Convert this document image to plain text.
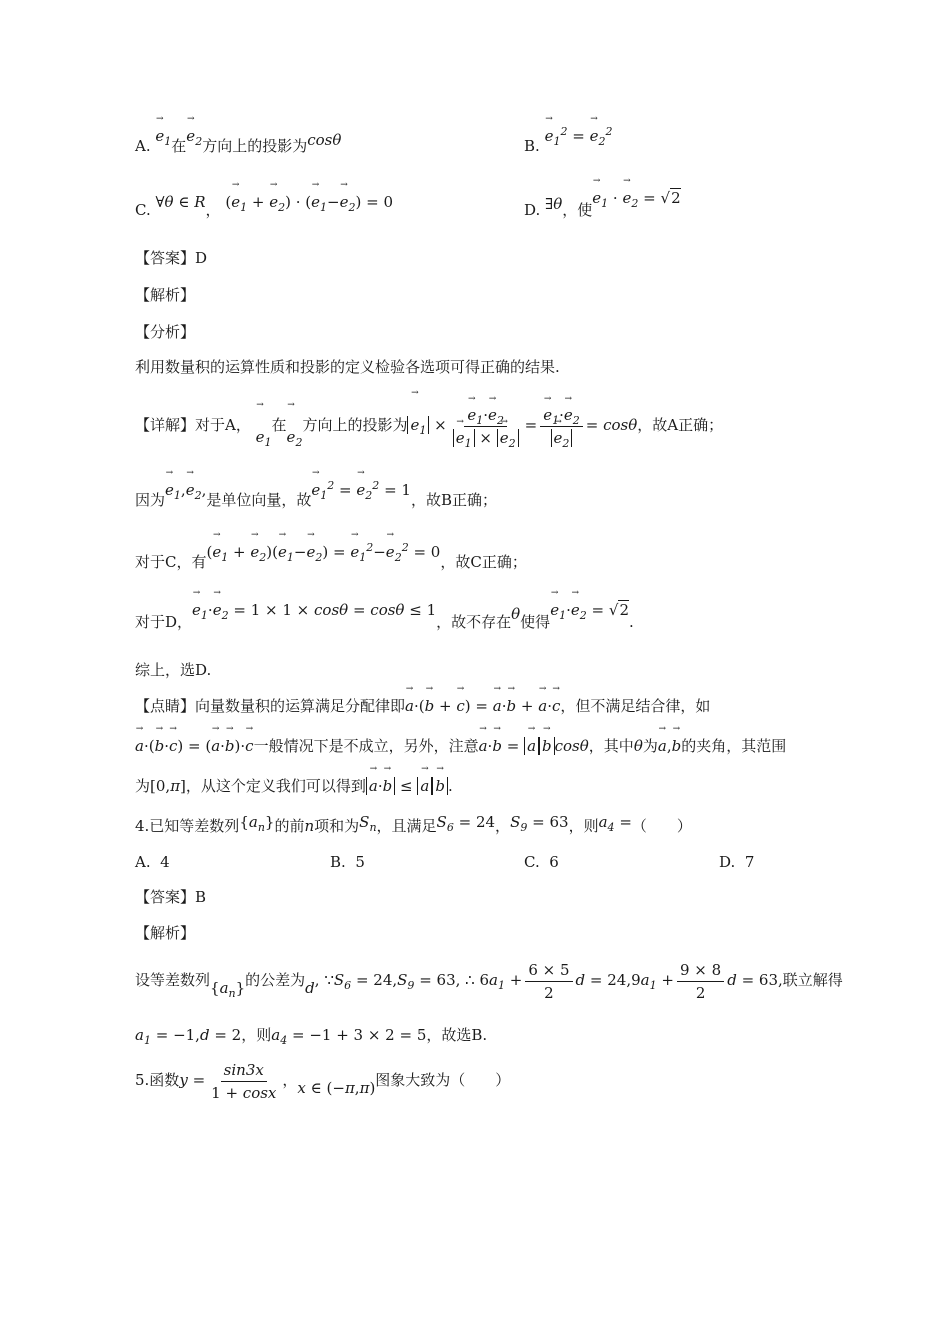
A. → $e_1$在→ $e_2$方向上的投影为cosθ	B. → $e_1^2$ = → $e_2^2$
C. ∀θ ∈ R， (→ $e_1$ + → $e_2$) · (→ $e_1-\to e_2) = 0$	D. ∃θ，使→ $e_1$ · → $e_2 = √2$
【答案】D
【解析】
【分析】
利用数量积的运算性质和投影的定义检验各选项可得正确的结果.
【详解】对于A， → $e_1$在→ $e_2$方向上的投影为 → $e_1$ × → $e_1\cdot\to e_2$
→ $e_1$ × → $e_2$ = → $e_1\cdot\to e_2$
→ $e_2 = \cos\theta$，故A正确；
因为→ $e_1,\to e_2$,是单位向量，故→ $e_1^2$ = → $e_2^2 = 1$，故B正确；
对于C，有(→ $e_1$ + → $e_2)(\to e_1-\to e_2)$ = → $e_1^2-\to e_2^2 = 0$，故C正确；
对于D，→ $e_1\cdot\to e_2 = 1 \times 1 \times \cos\theta = \cos\theta \le 1$，故不存在θ使得→ $e_1\cdot\to e_2 = √2$.
综上，选D.
【点睛】向量数量积的运算满足分配律即→ a·(→ b + → c) = → a·→ b + → a·→ c，但不满足结合律，如
→ a·(→ b·→ c) = (→ a·→ b)·→ c一般情况下是不成立，另外，注意→ a·→ b = → a → b cosθ，其中θ为→ a,→ b的夹角，其范围
为[0,π]，从这个定义我们可以得到 → a·→ b ≤ → a → b .
4.已知等差数列$\{a_n\}$的前n项和为$S_n$，且满足$S_6 = 24$，$S_9 = 63$，则$a_4$ =（　　）
A. 4	B. 5	C. 6	D. 7
【答案】B
【解析】
设等差数列$\{a_n\}$的公差为d, $\because S_6 = 24,S_9 = 63$, ∴ $6a_1 + \frac{6 \times 5}{2}$ $d = 24,9a_1 + \frac{9 \times 8}{2}$ d = 63,联立解得
$a_1 = -1,d = 2$，则$a_4 = -1 + 3 \times 2 = 5$，故选B.
5.函数$y = \frac{\sin 3x}{1 + \cos x}$ ，x ∈ (−π,π)图象大致为（　　）
